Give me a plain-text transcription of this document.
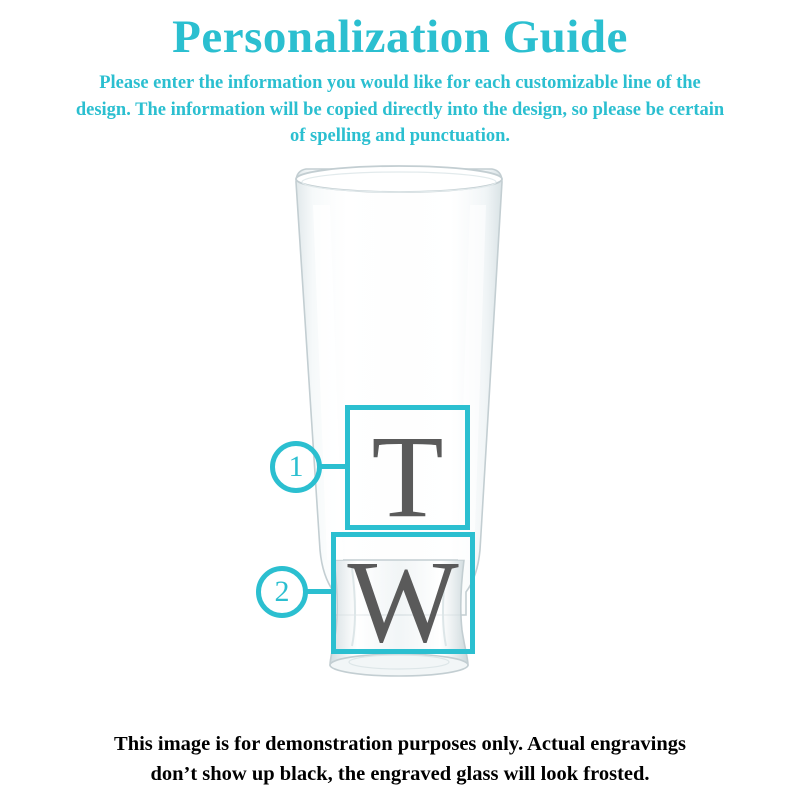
Personalization Guide

Please enter the information you would like for each customizable line of the design. The information will be copied directly into the design, so please be certain of spelling and punctuation.

T
1
W
2
This image is for demonstration purposes only. Actual engravings
don’t show up black, the engraved glass will look frosted.
